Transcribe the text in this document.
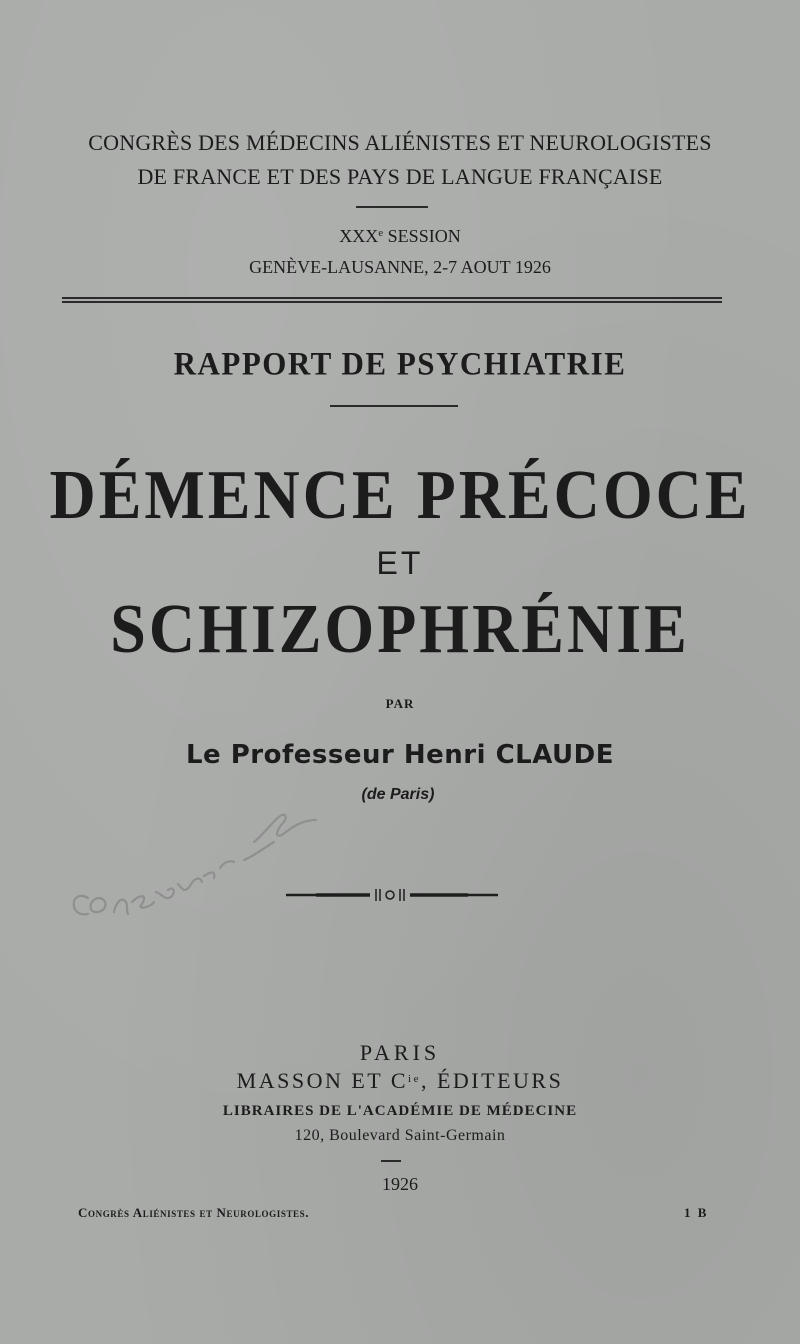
CONGRÈS DES MÉDECINS ALIÉNISTES ET NEUROLOGISTES
DE FRANCE ET DES PAYS DE LANGUE FRANÇAISE
XXXe SESSION
GENÈVE-LAUSANNE, 2-7 AOUT 1926
RAPPORT DE PSYCHIATRIE
DÉMENCE PRÉCOCE
ET
SCHIZOPHRÉNIE
PAR
Le Professeur Henri CLAUDE
(de Paris)
PARIS
MASSON ET $C^{ie}$, ÉDITEURS
LIBRAIRES DE L'ACADÉMIE DE MÉDECINE
120, Boulevard Saint-Germain
1926
Congrès Aliénistes et Neurologistes.	1 B
